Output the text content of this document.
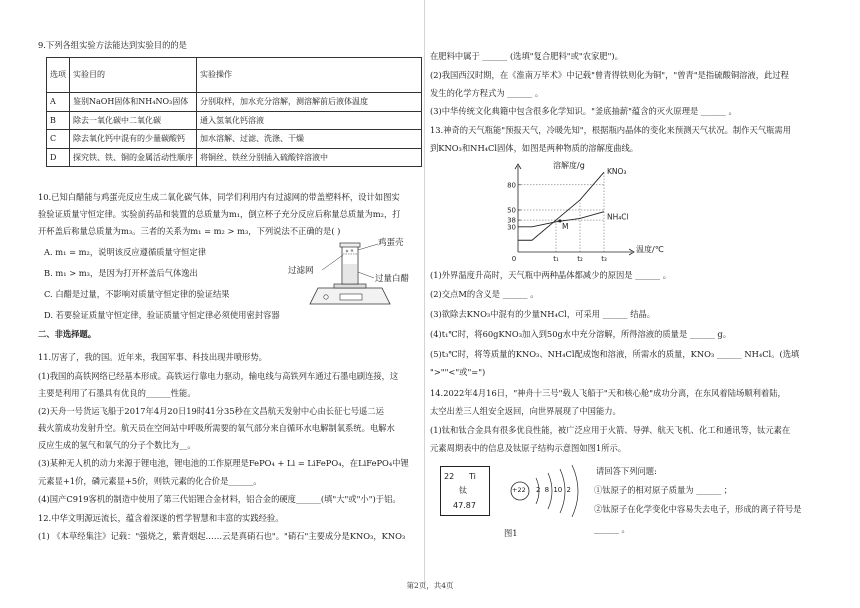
9.下列各组实验方法能达到实验目的的是
选项	实验目的	实验操作
A	鉴别NaOH固体和NH₄NO₃固体	分别取样，加水充分溶解，测溶解前后液体温度
B	除去一氧化碳中二氧化碳	通入氢氧化钙溶液
C	除去氧化钙中混有的少量碳酸钙	加水溶解、过滤、洗涤、干燥
D	探究铁、铁、铜的金属活动性顺序	将铜丝、铁丝分别插入硫酸锌溶液中
10.已知白醋能与鸡蛋壳反应生成二氧化碳气体，同学们利用内有过滤网的带盖塑料杯，设计如图实
验验证质量守恒定律。实验前药品和装置的总质量为m₁，倒立杯子充分反应后称量总质量为m₂，打
开杯盖后称量总质量为m₃。三者的关系为m₁ = m₂ > m₃，下列说法不正确的是( )
A. m₁ = m₂，说明该反应遵循质量守恒定律
B. m₁ > m₃，是因为打开杯盖后气体逸出
C. 白醋是过量，不影响对质量守恒定律的验证结果
D. 若要验证质量守恒定律，验证质量守恒定律必须使用密封容器
鸡蛋壳
过滤网
过量白醋
二、非选择题。
11.厉害了，我的国。近年来，我国军事、科技出现井喷形势。
(1)我国的高铁网络已经基本形成。高铁运行靠电力驱动，输电线与高铁列车通过石墨电刷连接，这
主要是利用了石墨具有优良的______性能。
(2)天舟一号货运飞船于2017年4月20日19时41分35秒在文昌航天发射中心由长征七号遥二运
载火箭成功发射升空。航天员在空间站中呼吸所需要的氧气部分来自循环水电解制氧系统。电解水
反应生成的氢气和氧气的分子个数比为__。
(3)某种无人机的动力来源于锂电池，锂电池的工作原理是FePO₄ + Li = LiFePO₄，在LiFePO₄中锂
元素显+1价，磷元素显+5价，则铁元素的化合价是______。
(4)国产C919客机的制造中使用了第三代铝锂合金材料，铝合金的硬度______(填"大"或"小")于铝。
12.中华文明源远流长，蕴含着深遂的哲学智慧和丰富的实践经验。
(1) 《本草经集注》记载："强烧之，紫青烟起……云是真硝石也"。"硝石"主要成分是KNO₃，KNO₃
在肥料中属于 ______ (选填"复合肥料"或"农家肥")。
(2)我国西汉时期，在《淮南万毕术》中记载"曾青得铁则化为铜"，"曾青"是指硫酸铜溶液，此过程
发生的化学方程式为 ______ 。
(3)中华传统文化典籍中包含很多化学知识。"釜底抽薪"蕴含的灭火原理是 ______ 。
13.神奇的天气瓶能"预报天气，冷暖先知"，根据瓶内晶体的变化来预测天气状况。制作天气瓶需用
到KNO₃和NH₄Cl固体，如图是两种物质的溶解度曲线。
30
38
50
80
0	t₁	t₂	t₃
KNO₃
NH₄Cl
M
溶解度/g
温度/℃
(1)外界温度升高时，天气瓶中两种晶体都减少的原因是 ______ 。
(2)交点M的含义是 ______ 。
(3)欲除去KNO₃中混有的少量NH₄Cl，可采用 ______ 结晶。
(4)t₁℃时，将60gKNO₃加入到50g水中充分溶解，所得溶液的质量是 ______ g。
(5)t₃℃时，将等质量的KNO₃、NH₄Cl配成饱和溶液，所需水的质量，KNO₃ ______ NH₄Cl。(选填
">""<"或"=")
14.2022年4月16日，"神舟十三号"载人飞船于"天和核心舱"成功分离，在东风着陆场顺利着陆，
太空出差三人组安全返回，向世界展现了中国能力。
(1)钛和钛合金具有很多优良性能，被广泛应用于火箭、导弹、航天飞机、化工和通讯等，钛元素在
元素周期表中的信息及钛原子结构示意图如图1所示。
22 Ti
钛
47.87
+22 2 8 10 2
图1
请回答下列问题:
①钛原子的相对原子质量为 ______ ；
②钛原子在化学变化中容易失去电子，形成的离子符号是
______ 。
第2页，共4页
